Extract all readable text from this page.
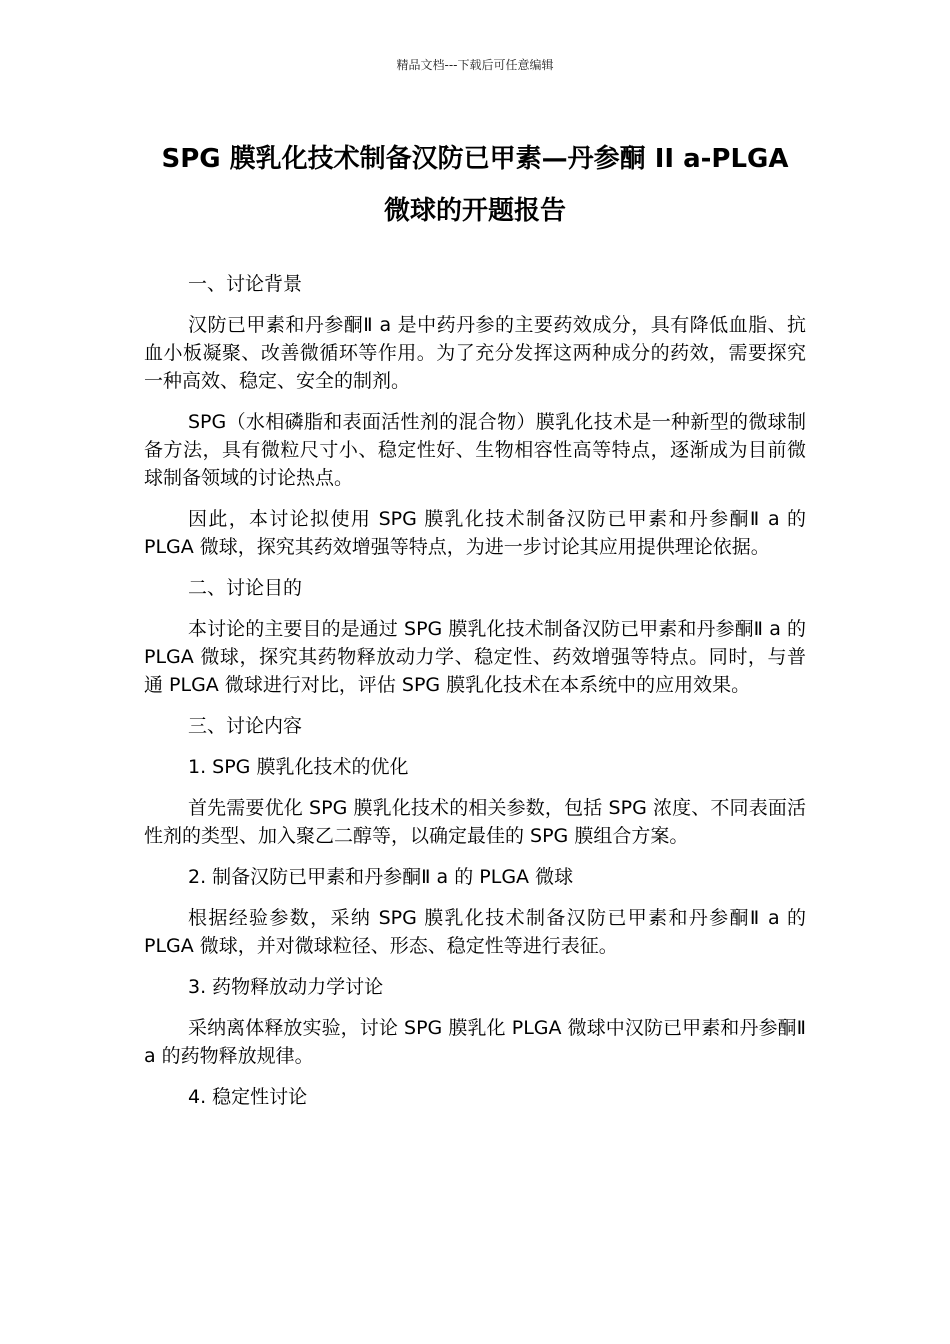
精品文档---下载后可任意编辑
SPG 膜乳化技术制备汉防已甲素—丹参酮 II a-PLGA
微球的开题报告
一、讨论背景
汉防已甲素和丹参酮Ⅱ a 是中药丹参的主要药效成分，具有降低血脂、抗血小板凝聚、改善微循环等作用。为了充分发挥这两种成分的药效，需要探究一种高效、稳定、安全的制剂。
SPG（水相磷脂和表面活性剂的混合物）膜乳化技术是一种新型的微球制备方法，具有微粒尺寸小、稳定性好、生物相容性高等特点，逐渐成为目前微球制备领域的讨论热点。
因此，本讨论拟使用 SPG 膜乳化技术制备汉防已甲素和丹参酮Ⅱ a 的 PLGA 微球，探究其药效增强等特点，为进一步讨论其应用提供理论依据。
二、讨论目的
本讨论的主要目的是通过 SPG 膜乳化技术制备汉防已甲素和丹参酮Ⅱ a 的 PLGA 微球，探究其药物释放动力学、稳定性、药效增强等特点。同时，与普通 PLGA 微球进行对比，评估 SPG 膜乳化技术在本系统中的应用效果。
三、讨论内容
1. SPG 膜乳化技术的优化
首先需要优化 SPG 膜乳化技术的相关参数，包括 SPG 浓度、不同表面活性剂的类型、加入聚乙二醇等，以确定最佳的 SPG 膜组合方案。
2. 制备汉防已甲素和丹参酮Ⅱ a 的 PLGA 微球
根据经验参数，采纳 SPG 膜乳化技术制备汉防已甲素和丹参酮Ⅱ a 的 PLGA 微球，并对微球粒径、形态、稳定性等进行表征。
3. 药物释放动力学讨论
采纳离体释放实验，讨论 SPG 膜乳化 PLGA 微球中汉防已甲素和丹参酮Ⅱ a 的药物释放规律。
4. 稳定性讨论
